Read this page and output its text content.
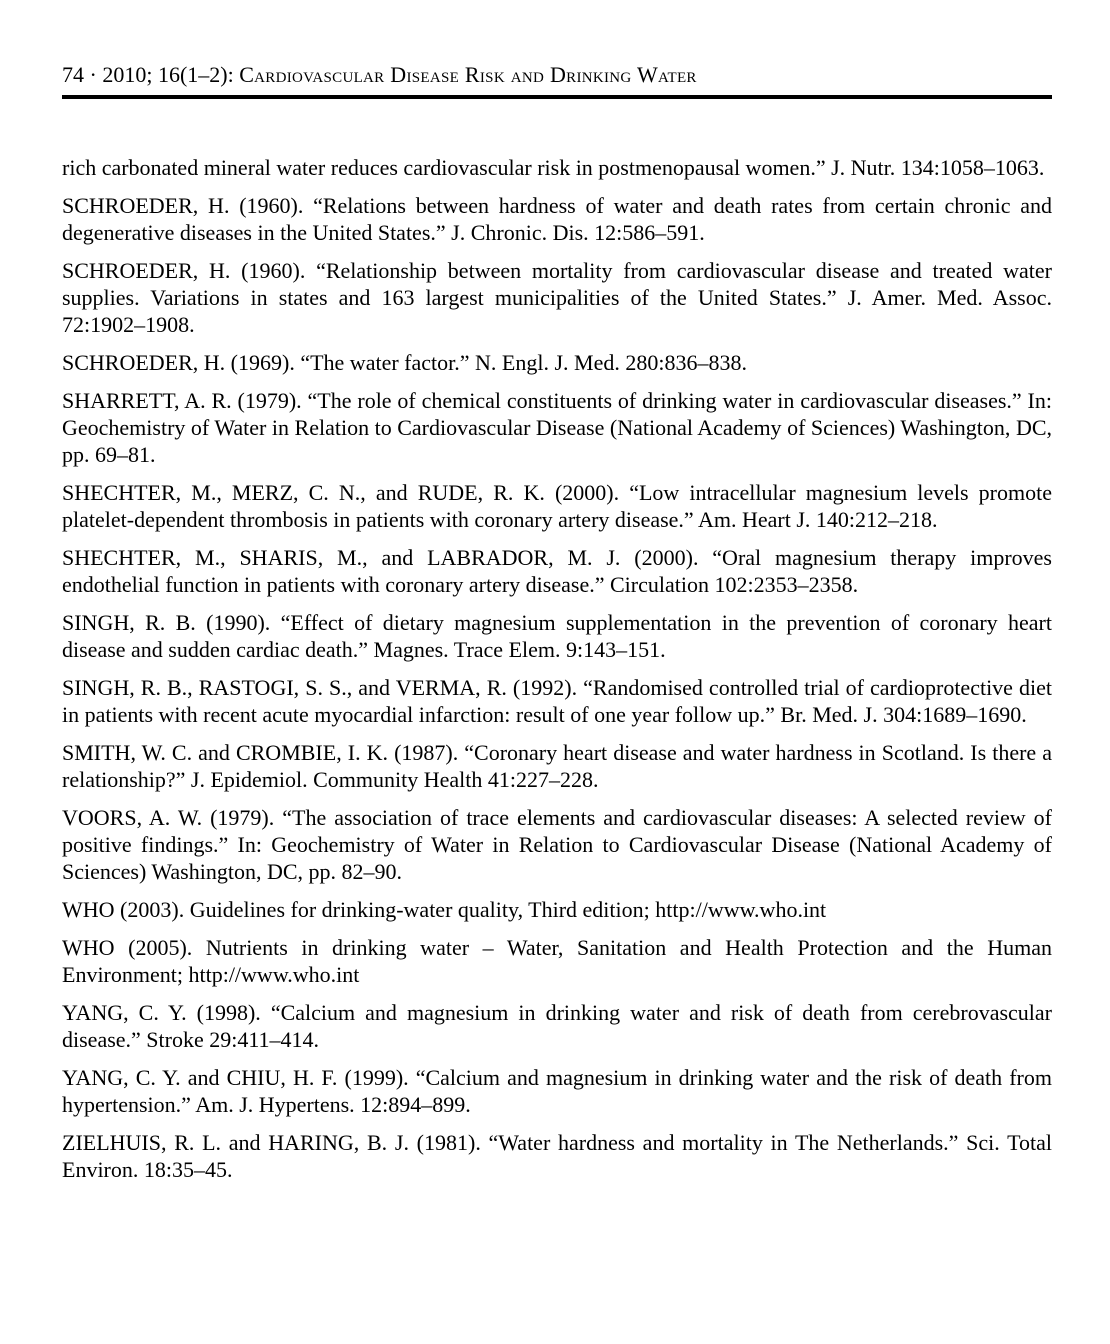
74 · 2010; 16(1–2): Cardiovascular Disease Risk and Drinking Water

rich carbonated mineral water reduces cardiovascular risk in postmenopausal women.” J. Nutr. 134:1058–1063.

SCHROEDER, H. (1960). “Relations between hardness of water and death rates from certain chronic and degenerative diseases in the United States.” J. Chronic. Dis. 12:586–591.

SCHROEDER, H. (1960). “Relationship between mortality from cardiovascular disease and treated water supplies. Variations in states and 163 largest municipalities of the United States.” J. Amer. Med. Assoc. 72:1902–1908.

SCHROEDER, H. (1969). “The water factor.” N. Engl. J. Med. 280:836–838.

SHARRETT, A. R. (1979). “The role of chemical constituents of drinking water in cardiovascular diseases.” In: Geochemistry of Water in Relation to Cardiovascular Disease (National Academy of Sciences) Washington, DC, pp. 69–81.

SHECHTER, M., MERZ, C. N., and RUDE, R. K. (2000). “Low intracellular magnesium levels promote platelet-dependent thrombosis in patients with coronary artery disease.” Am. Heart J. 140:212–218.

SHECHTER, M., SHARIS, M., and LABRADOR, M. J. (2000). “Oral magnesium therapy improves endothelial function in patients with coronary artery disease.” Circulation 102:2353–2358.

SINGH, R. B. (1990). “Effect of dietary magnesium supplementation in the prevention of coronary heart disease and sudden cardiac death.” Magnes. Trace Elem. 9:143–151.

SINGH, R. B., RASTOGI, S. S., and VERMA, R. (1992). “Randomised controlled trial of cardioprotective diet in patients with recent acute myocardial infarction: result of one year follow up.” Br. Med. J. 304:1689–1690.

SMITH, W. C. and CROMBIE, I. K. (1987). “Coronary heart disease and water hardness in Scotland. Is there a relationship?” J. Epidemiol. Community Health 41:227–228.

VOORS, A. W. (1979). “The association of trace elements and cardiovascular diseases: A selected review of positive findings.” In: Geochemistry of Water in Relation to Cardiovascular Disease (National Academy of Sciences) Washington, DC, pp. 82–90.

WHO (2003). Guidelines for drinking-water quality, Third edition; http://www.who.int

WHO (2005). Nutrients in drinking water – Water, Sanitation and Health Protection and the Human Environment; http://www.who.int

YANG, C. Y. (1998). “Calcium and magnesium in drinking water and risk of death from cerebrovascular disease.” Stroke 29:411–414.

YANG, C. Y. and CHIU, H. F. (1999). “Calcium and magnesium in drinking water and the risk of death from hypertension.” Am. J. Hypertens. 12:894–899.

ZIELHUIS, R. L. and HARING, B. J. (1981). “Water hardness and mortality in The Netherlands.” Sci. Total Environ. 18:35–45.
